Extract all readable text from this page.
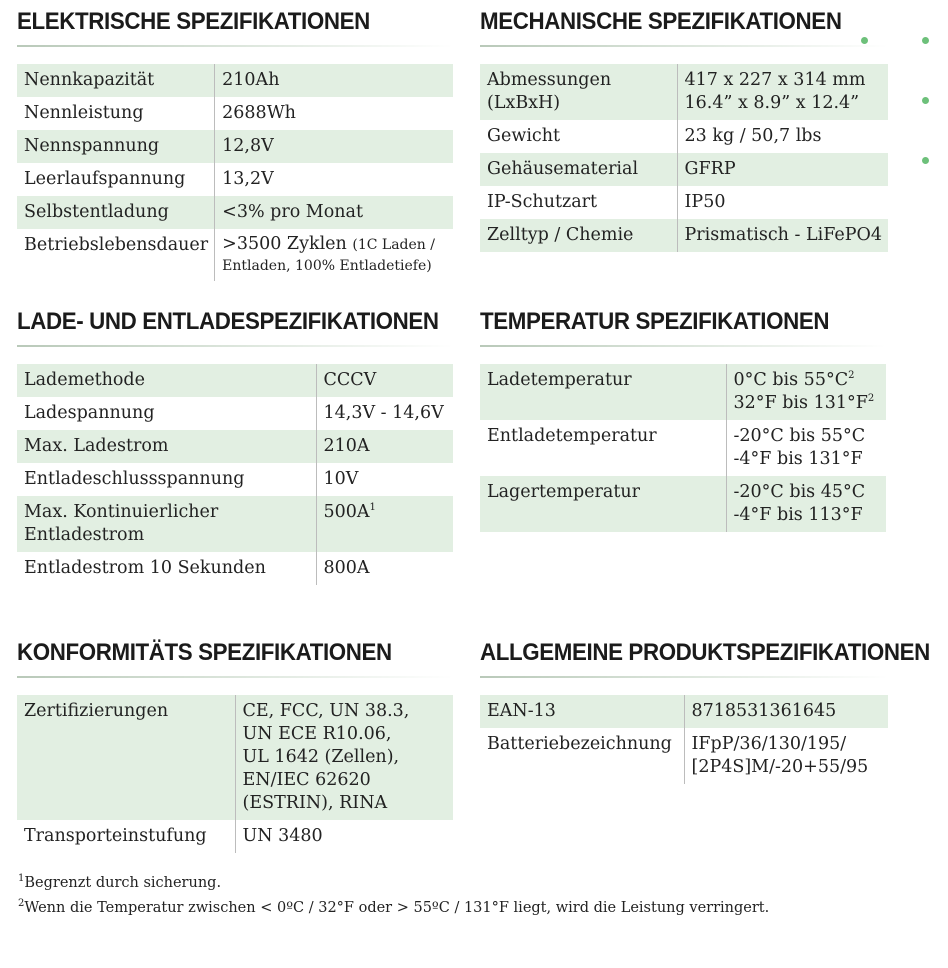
ELEKTRISCHE SPEZIFIKATIONEN
Nennkapazität	210Ah
Nennleistung	2688Wh
Nennspannung	12,8V
Leerlaufspannung	13,2V
Selbstentladung	<3% pro Monat
Betriebslebensdauer	>3500 Zyklen (1C Laden /
Entladen, 100% Entladetiefe)
MECHANISCHE SPEZIFIKATIONEN
Abmessungen
(LxBxH)	417 x 227 x 314 mm
16.4” x 8.9” x 12.4”
Gewicht	23 kg / 50,7 lbs
Gehäusematerial	GFRP
IP-Schutzart	IP50
Zelltyp / Chemie	Prismatisch - LiFePO4
LADE- UND ENTLADESPEZIFIKATIONEN
Lademethode	CCCV
Ladespannung	14,3V - 14,6V
Max. Ladestrom	210A
Entladeschlussspannung	10V
Max. Kontinuierlicher
Entladestrom	$500A^1$
Entladestrom 10 Sekunden	800A
TEMPERATUR SPEZIFIKATIONEN
Ladetemperatur	0°C bis $55^\circ C^2$
32°F bis $131^\circ F^2$
Entladetemperatur	-20°C bis 55°C
-4°F bis 131°F
Lagertemperatur	-20°C bis 45°C
-4°F bis 113°F
KONFORMITÄTS SPEZIFIKATIONEN
Zertifizierungen	CE, FCC, UN 38.3,
UN ECE R10.06,
UL 1642 (Zellen),
EN/IEC 62620
(ESTRIN), RINA
Transporteinstufung	UN 3480
ALLGEMEINE PRODUKTSPEZIFIKATIONEN
EAN-13	8718531361645
Batteriebezeichnung	IFpP/36/130/195/
[2P4S]M/-20+55/95
$^1$Begrenzt durch sicherung.
$^2$Wenn die Temperatur zwischen < 0ºC / 32°F oder > 55ºC / 131°F liegt, wird die Leistung verringert.
